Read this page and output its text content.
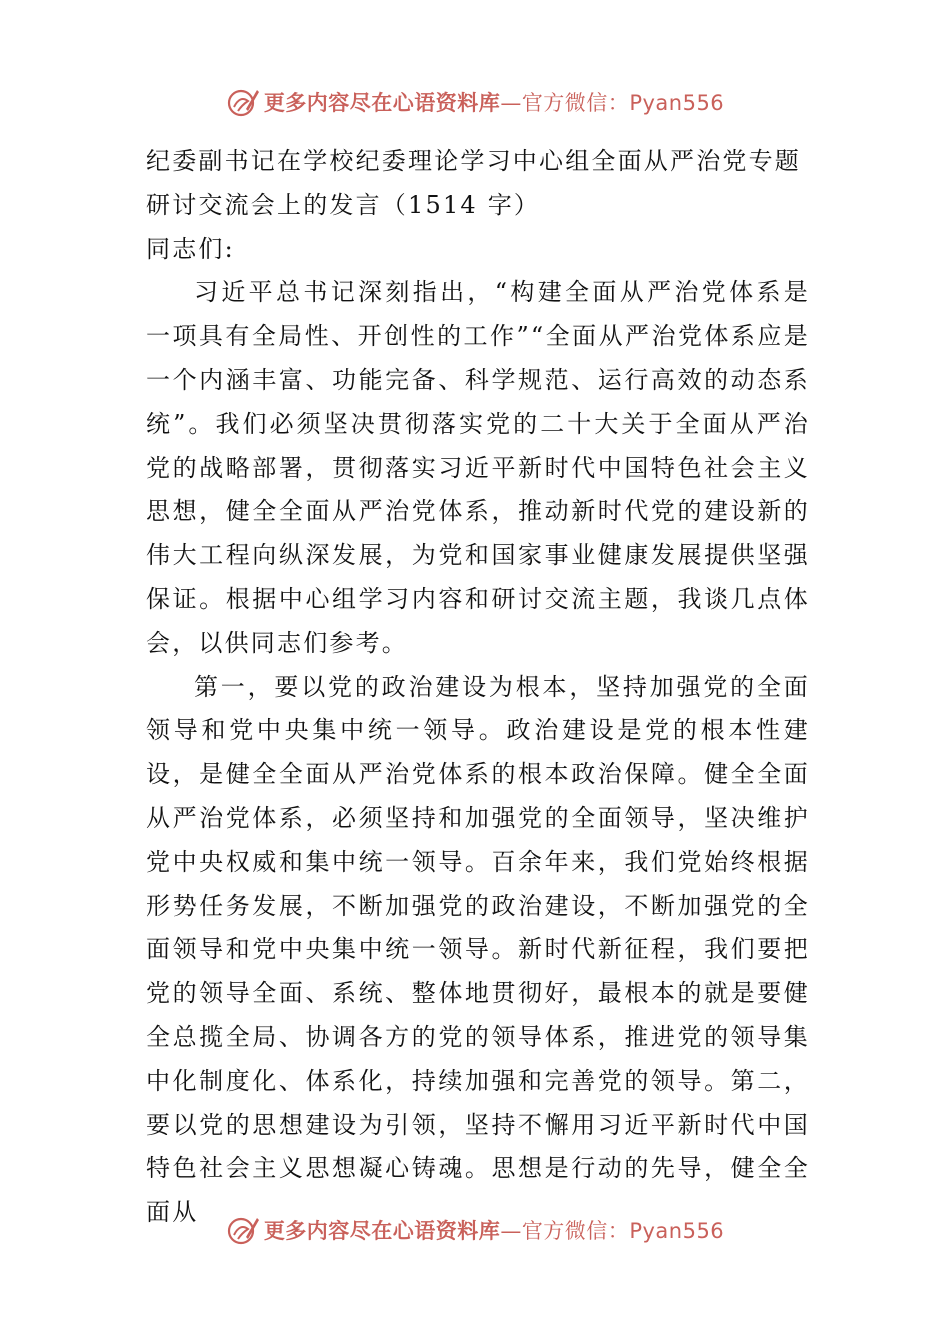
更多内容尽在心语资料库—官方微信：Pyan556
纪委副书记在学校纪委理论学习中心组全面从严治党专题
研讨交流会上的发言（1514 字）
同志们:

习近平总书记深刻指出，“构建全面从严治党体系是一项具有全局性、开创性的工作”“全面从严治党体系应是一个内涵丰富、功能完备、科学规范、运行高效的动态系统”。我们必须坚决贯彻落实党的二十大关于全面从严治党的战略部署，贯彻落实习近平新时代中国特色社会主义思想，健全全面从严治党体系，推动新时代党的建设新的伟大工程向纵深发展，为党和国家事业健康发展提供坚强保证。根据中心组学习内容和研讨交流主题，我谈几点体会，以供同志们参考。

第一，要以党的政治建设为根本，坚持加强党的全面领导和党中央集中统一领导。政治建设是党的根本性建设，是健全全面从严治党体系的根本政治保障。健全全面从严治党体系，必须坚持和加强党的全面领导，坚决维护党中央权威和集中统一领导。百余年来，我们党始终根据形势任务发展，不断加强党的政治建设，不断加强党的全面领导和党中央集中统一领导。新时代新征程，我们要把党的领导全面、系统、整体地贯彻好，最根本的就是要健全总揽全局、协调各方的党的领导体系，推进党的领导集中化制度化、体系化，持续加强和完善党的领导。第二，要以党的思想建设为引领，坚持不懈用习近平新时代中国特色社会主义思想凝心铸魂。思想是行动的先导，健全全面从

更多内容尽在心语资料库—官方微信：Pyan556
